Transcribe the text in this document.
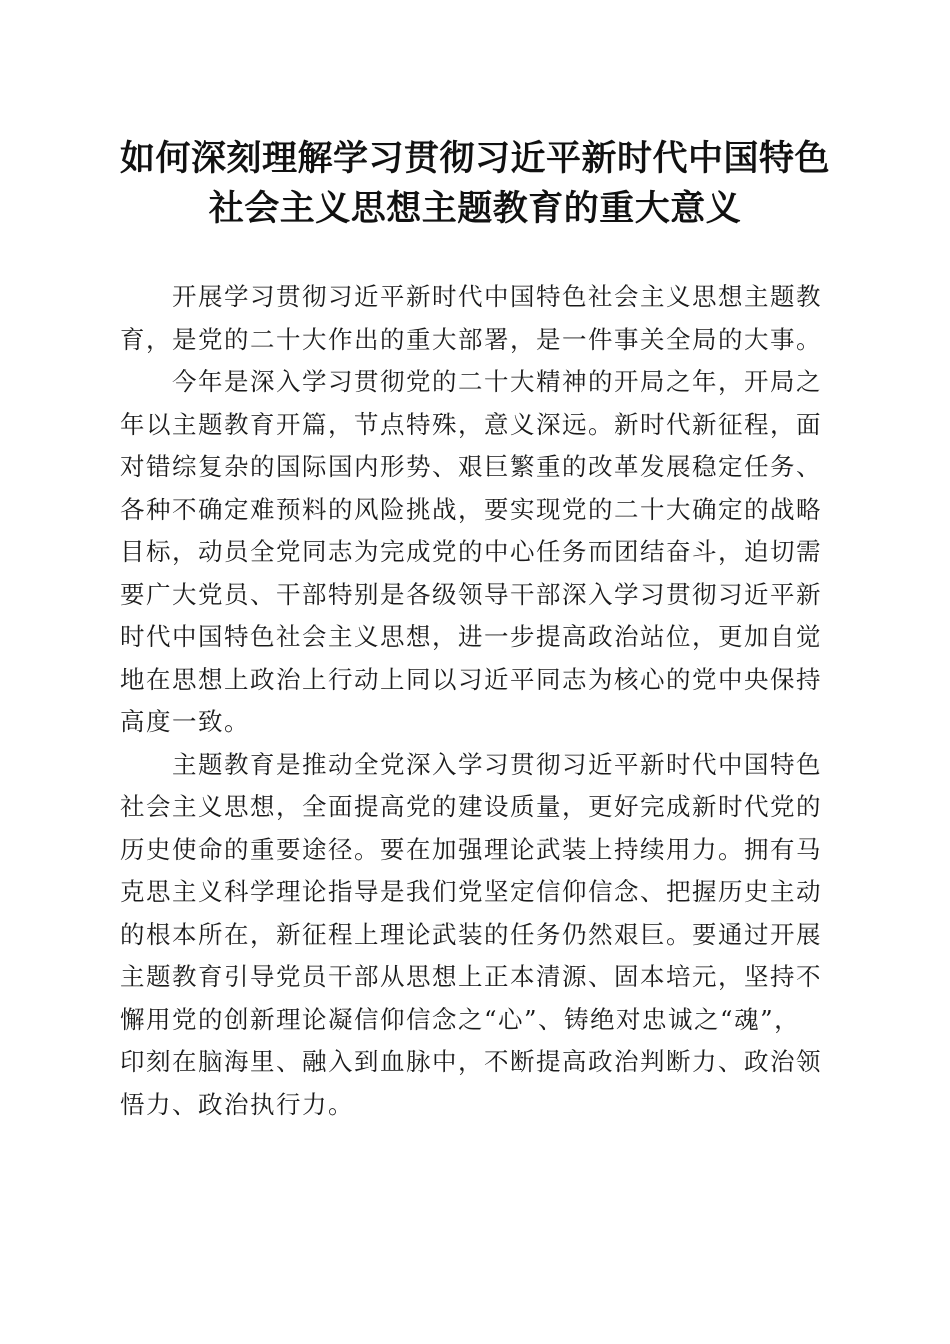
如何深刻理解学习贯彻习近平新时代中国特色
社会主义思想主题教育的重大意义

开展学习贯彻习近平新时代中国特色社会主义思想主题教
育，是党的二十大作出的重大部署，是一件事关全局的大事。

今年是深入学习贯彻党的二十大精神的开局之年，开局之
年以主题教育开篇，节点特殊，意义深远。新时代新征程，面
对错综复杂的国际国内形势、艰巨繁重的改革发展稳定任务、
各种不确定难预料的风险挑战，要实现党的二十大确定的战略
目标，动员全党同志为完成党的中心任务而团结奋斗，迫切需
要广大党员、干部特别是各级领导干部深入学习贯彻习近平新
时代中国特色社会主义思想，进一步提高政治站位，更加自觉
地在思想上政治上行动上同以习近平同志为核心的党中央保持
高度一致。

主题教育是推动全党深入学习贯彻习近平新时代中国特色
社会主义思想，全面提高党的建设质量，更好完成新时代党的
历史使命的重要途径。要在加强理论武装上持续用力。拥有马
克思主义科学理论指导是我们党坚定信仰信念、把握历史主动
的根本所在，新征程上理论武装的任务仍然艰巨。要通过开展
主题教育引导党员干部从思想上正本清源、固本培元，坚持不
懈用党的创新理论凝信仰信念之“心”、铸绝对忠诚之“魂”，
印刻在脑海里、融入到血脉中，不断提高政治判断力、政治领
悟力、政治执行力。
